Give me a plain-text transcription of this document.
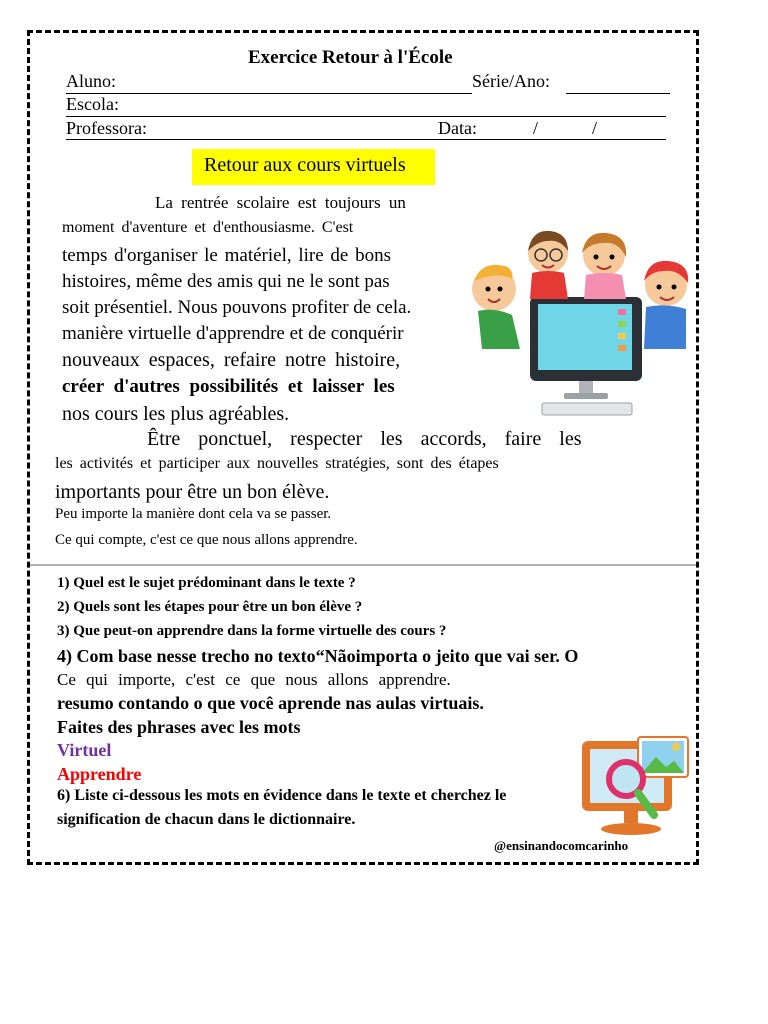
Exercice Retour à l'École
Aluno:	Série/Ano:
Escola:
Professora:	Data:	/	/
Retour aux cours virtuels
La rentrée scolaire est toujours un
moment d'aventure et d'enthousiasme. C'est
temps d'organiser le matériel, lire de bons
histoires, même des amis qui ne le sont pas
soit présentiel. Nous pouvons profiter de cela.
manière virtuelle d'apprendre et de conquérir
nouveaux espaces, refaire notre histoire,
créer d'autres possibilités et laisser les
nos cours les plus agréables.
Être ponctuel, respecter les accords, faire les
les activités et participer aux nouvelles stratégies, sont des étapes
importants pour être un bon élève.
Peu importe la manière dont cela va se passer.
Ce qui compte, c'est ce que nous allons apprendre.
1) Quel est le sujet prédominant dans le texte ?
2) Quels sont les étapes pour être un bon élève ?
3) Que peut-on apprendre dans la forme virtuelle des cours ?
4) Com base nesse trecho no texto“Nãoimporta o jeito que vai ser. O
Ce qui importe, c'est ce que nous allons apprendre.
resumo contando o que você aprende nas aulas virtuais.
Faites des phrases avec les mots
Virtuel
Apprendre
6) Liste ci-dessous les mots en évidence dans le texte et cherchez le
signification de chacun dans le dictionnaire.
@ensinandocomcarinho
